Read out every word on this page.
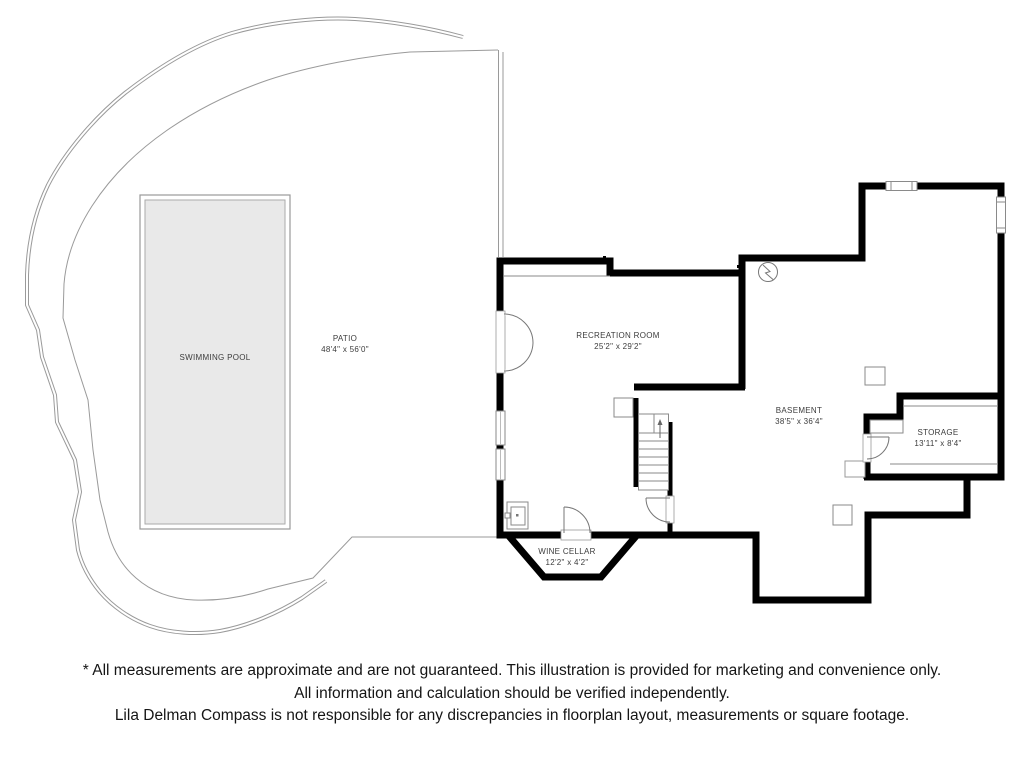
SWIMMING POOL
PATIO
48'4" x 56'0"
RECREATION ROOM
25'2" x 29'2"
BASEMENT
38'5" x 36'4"
STORAGE
13'11" x 8'4"
WINE CELLAR
12'2" x 4'2"
* All measurements are approximate and are not guaranteed. This illustration is provided for marketing and convenience only.
All information and calculation should be verified independently.
Lila Delman Compass is not responsible for any discrepancies in floorplan layout, measurements or square footage.
